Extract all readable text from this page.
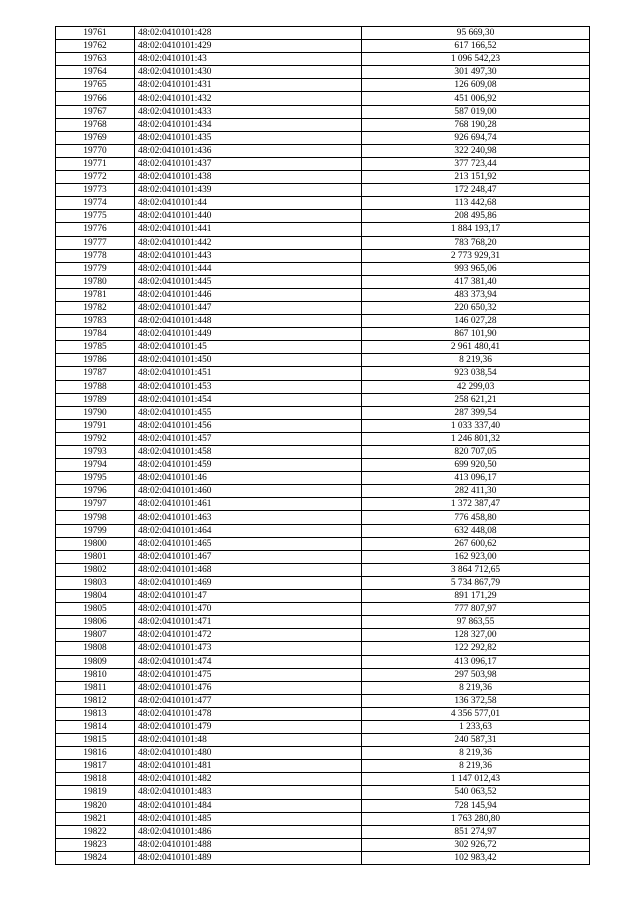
19761	48:02:0410101:428	95 669,30
19762	48:02:0410101:429	617 166,52
19763	48:02:0410101:43	1 096 542,23
19764	48:02:0410101:430	301 497,30
19765	48:02:0410101:431	126 609,08
19766	48:02:0410101:432	451 006,92
19767	48:02:0410101:433	587 019,00
19768	48:02:0410101:434	768 190,28
19769	48:02:0410101:435	926 694,74
19770	48:02:0410101:436	322 240,98
19771	48:02:0410101:437	377 723,44
19772	48:02:0410101:438	213 151,92
19773	48:02:0410101:439	172 248,47
19774	48:02:0410101:44	113 442,68
19775	48:02:0410101:440	208 495,86
19776	48:02:0410101:441	1 884 193,17
19777	48:02:0410101:442	783 768,20
19778	48:02:0410101:443	2 773 929,31
19779	48:02:0410101:444	993 965,06
19780	48:02:0410101:445	417 381,40
19781	48:02:0410101:446	483 373,94
19782	48:02:0410101:447	220 650,32
19783	48:02:0410101:448	146 027,28
19784	48:02:0410101:449	867 101,90
19785	48:02:0410101:45	2 961 480,41
19786	48:02:0410101:450	8 219,36
19787	48:02:0410101:451	923 038,54
19788	48:02:0410101:453	42 299,03
19789	48:02:0410101:454	258 621,21
19790	48:02:0410101:455	287 399,54
19791	48:02:0410101:456	1 033 337,40
19792	48:02:0410101:457	1 246 801,32
19793	48:02:0410101:458	820 707,05
19794	48:02:0410101:459	699 920,50
19795	48:02:0410101:46	413 096,17
19796	48:02:0410101:460	282 411,30
19797	48:02:0410101:461	1 372 387,47
19798	48:02:0410101:463	776 458,80
19799	48:02:0410101:464	632 448,08
19800	48:02:0410101:465	267 600,62
19801	48:02:0410101:467	162 923,00
19802	48:02:0410101:468	3 864 712,65
19803	48:02:0410101:469	5 734 867,79
19804	48:02:0410101:47	891 171,29
19805	48:02:0410101:470	777 807,97
19806	48:02:0410101:471	97 863,55
19807	48:02:0410101:472	128 327,00
19808	48:02:0410101:473	122 292,82
19809	48:02:0410101:474	413 096,17
19810	48:02:0410101:475	297 503,98
19811	48:02:0410101:476	8 219,36
19812	48:02:0410101:477	136 372,58
19813	48:02:0410101:478	4 356 577,01
19814	48:02:0410101:479	1 233,63
19815	48:02:0410101:48	240 587,31
19816	48:02:0410101:480	8 219,36
19817	48:02:0410101:481	8 219,36
19818	48:02:0410101:482	1 147 012,43
19819	48:02:0410101:483	540 063,52
19820	48:02:0410101:484	728 145,94
19821	48:02:0410101:485	1 763 280,80
19822	48:02:0410101:486	851 274,97
19823	48:02:0410101:488	302 926,72
19824	48:02:0410101:489	102 983,42
